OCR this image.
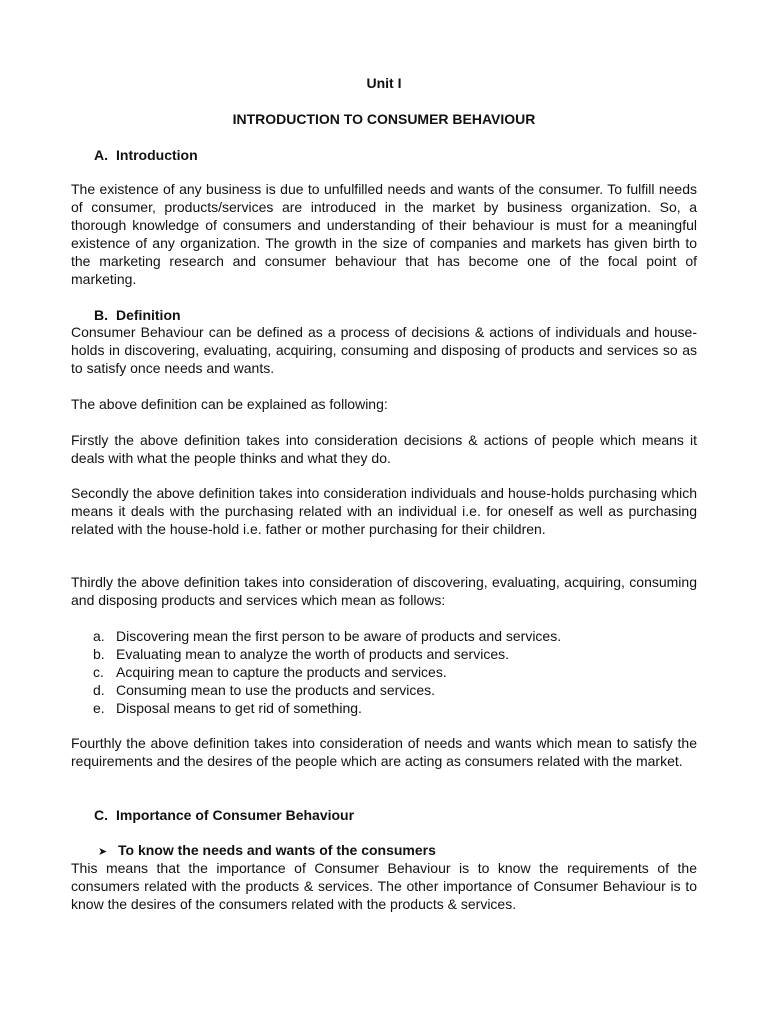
Unit I
INTRODUCTION TO CONSUMER BEHAVIOUR
A. Introduction

The existence of any business is due to unfulfilled needs and wants of the consumer. To fulfill needs of consumer, products/services are introduced in the market by business organization. So, a thorough knowledge of consumers and understanding of their behaviour is must for a meaningful existence of any organization. The growth in the size of companies and markets has given birth to the marketing research and consumer behaviour that has become one of the focal point of marketing.

B. Definition

Consumer Behaviour can be defined as a process of decisions & actions of individuals and house-holds in discovering, evaluating, acquiring, consuming and disposing of products and services so as to satisfy once needs and wants.

The above definition can be explained as following:

Firstly the above definition takes into consideration decisions & actions of people which means it deals with what the people thinks and what they do.

Secondly the above definition takes into consideration individuals and house-holds purchasing which means it deals with the purchasing related with an individual i.e. for oneself as well as purchasing related with the house-hold i.e. father or mother purchasing for their children.

Thirdly the above definition takes into consideration of discovering, evaluating, acquiring, consuming and disposing products and services which mean as follows:

a. Discovering mean the first person to be aware of products and services.
b. Evaluating mean to analyze the worth of products and services.
c. Acquiring mean to capture the products and services.
d. Consuming mean to use the products and services.
e. Disposal means to get rid of something.

Fourthly the above definition takes into consideration of needs and wants which mean to satisfy the requirements and the desires of the people which are acting as consumers related with the market.

C. Importance of Consumer Behaviour
➤ To know the needs and wants of the consumers

This means that the importance of Consumer Behaviour is to know the requirements of the consumers related with the products & services. The other importance of Consumer Behaviour is to know the desires of the consumers related with the products & services.
